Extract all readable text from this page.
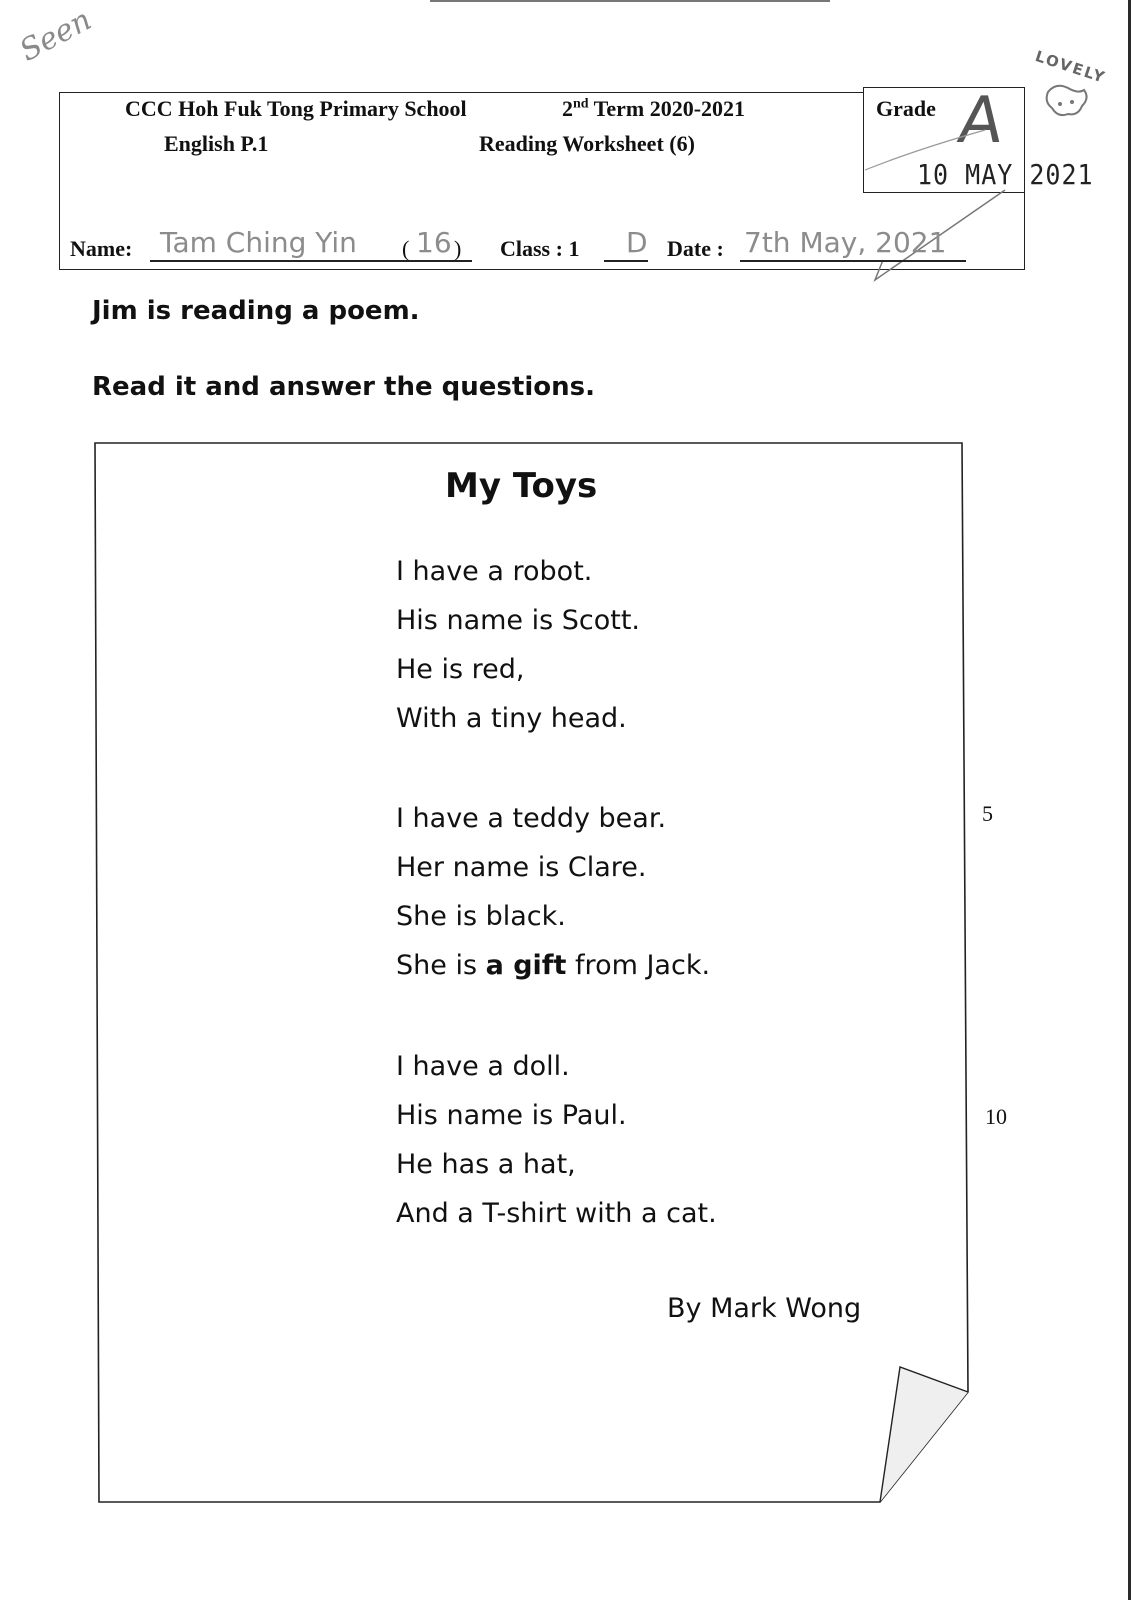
Seen
CCC Hoh Fuk Tong Primary School	2nd Term 2020-2021
English P.1	Reading Worksheet (6)
Grade A
10 MAY 2021
LOVELY
Name: Tam Ching Yin ( 16 ) Class : 1 D Date : 7th May, 2021
Jim is reading a poem.
Read it and answer the questions.
My Toys
I have a robot.
His name is Scott.
He is red,
With a tiny head.
I have a teddy bear.
Her name is Clare.
She is black.
She is a gift from Jack.
I have a doll.
His name is Paul.
He has a hat,
And a T-shirt with a cat.
5
10
By Mark Wong
